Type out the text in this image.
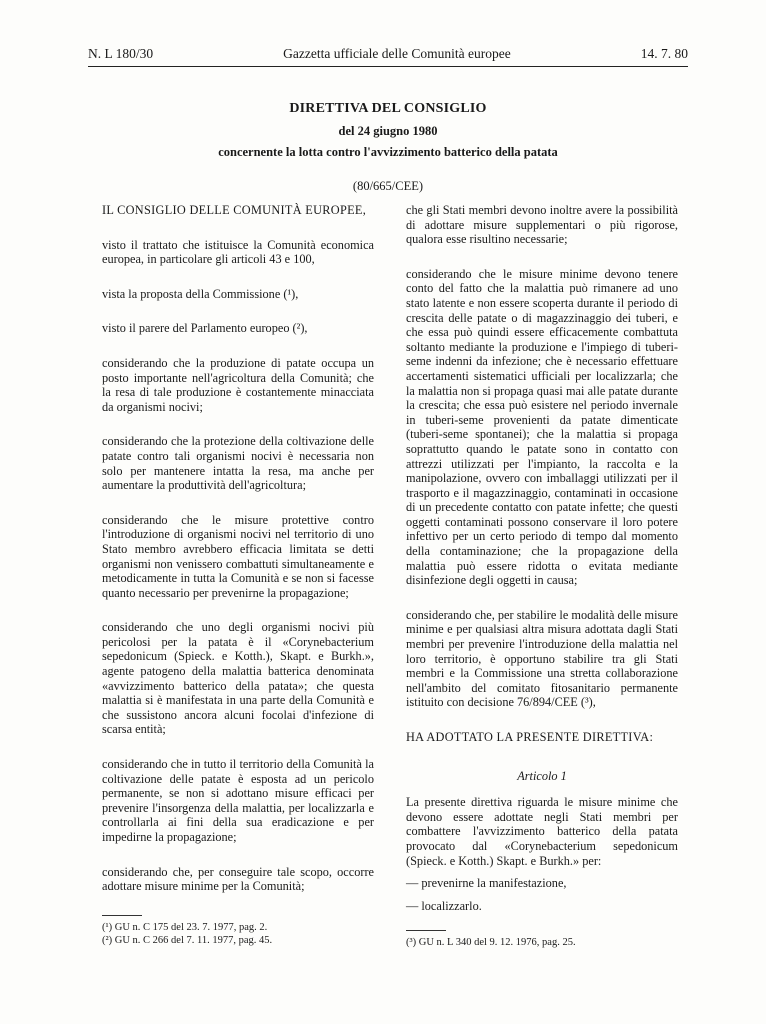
N. L 180/30	Gazzetta ufficiale delle Comunità europee	14. 7. 80
DIRETTIVA DEL CONSIGLIO
del 24 giugno 1980
concernente la lotta contro l'avvizzimento batterico della patata
(80/665/CEE)

IL CONSIGLIO DELLE COMUNITÀ EUROPEE,

visto il trattato che istituisce la Comunità economica europea, in particolare gli articoli 43 e 100,

vista la proposta della Commissione (¹),

visto il parere del Parlamento europeo (²),

considerando che la produzione di patate occupa un posto importante nell'agricoltura della Comunità; che la resa di tale produzione è costantemente minacciata da organismi nocivi;

considerando che la protezione della coltivazione delle patate contro tali organismi nocivi è necessaria non solo per mantenere intatta la resa, ma anche per aumentare la produttività dell'agricoltura;

considerando che le misure protettive contro l'introduzione di organismi nocivi nel territorio di uno Stato membro avrebbero efficacia limitata se detti organismi non venissero combattuti simultaneamente e metodicamente in tutta la Comunità e se non si facesse quanto necessario per prevenirne la propagazione;

considerando che uno degli organismi nocivi più pericolosi per la patata è il «Corynebacterium sepedonicum (Spieck. e Kotth.), Skapt. e Burkh.», agente patogeno della malattia batterica denominata «avvizzimento batterico della patata»; che questa malattia si è manifestata in una parte della Comunità e che sussistono ancora alcuni focolai d'infezione di scarsa entità;

considerando che in tutto il territorio della Comunità la coltivazione delle patate è esposta ad un pericolo permanente, se non si adottano misure efficaci per prevenire l'insorgenza della malattia, per localizzarla e controllarla ai fini della sua eradicazione e per impedirne la propagazione;

considerando che, per conseguire tale scopo, occorre adottare misure minime per la Comunità;

che gli Stati membri devono inoltre avere la possibilità di adottare misure supplementari o più rigorose, qualora esse risultino necessarie;

considerando che le misure minime devono tenere conto del fatto che la malattia può rimanere ad uno stato latente e non essere scoperta durante il periodo di crescita delle patate o di magazzinaggio dei tuberi, e che essa può quindi essere efficacemente combattuta soltanto mediante la produzione e l'impiego di tuberi-seme indenni da infezione; che è necessario effettuare accertamenti sistematici ufficiali per localizzarla; che la malattia non si propaga quasi mai alle patate durante la crescita; che essa può esistere nel periodo invernale in tuberi-seme provenienti da patate dimenticate (tuberi-seme spontanei); che la malattia si propaga soprattutto quando le patate sono in contatto con attrezzi utilizzati per l'impianto, la raccolta e la manipolazione, ovvero con imballaggi utilizzati per il trasporto e il magazzinaggio, contaminati in occasione di un precedente contatto con patate infette; che questi oggetti contaminati possono conservare il loro potere infettivo per un certo periodo di tempo dal momento della contaminazione; che la propagazione della malattia può essere ridotta o evitata mediante disinfezione degli oggetti in causa;

considerando che, per stabilire le modalità delle misure minime e per qualsiasi altra misura adottata dagli Stati membri per prevenire l'introduzione della malattia nel loro territorio, è opportuno stabilire tra gli Stati membri e la Commissione una stretta collaborazione nell'ambito del comitato fitosanitario permanente istituito con decisione 76/894/CEE (³),

HA ADOTTATO LA PRESENTE DIRETTIVA:

Articolo 1

La presente direttiva riguarda le misure minime che devono essere adottate negli Stati membri per combattere l'avvizzimento batterico della patata provocato dal «Corynebacterium sepedonicum (Spieck. e Kotth.) Skapt. e Burkh.» per:

— prevenirne la manifestazione,

— localizzarlo.

(¹) GU n. C 175 del 23. 7. 1977, pag. 2.

(²) GU n. C 266 del 7. 11. 1977, pag. 45.	(³) GU n. L 340 del 9. 12. 1976, pag. 25.
